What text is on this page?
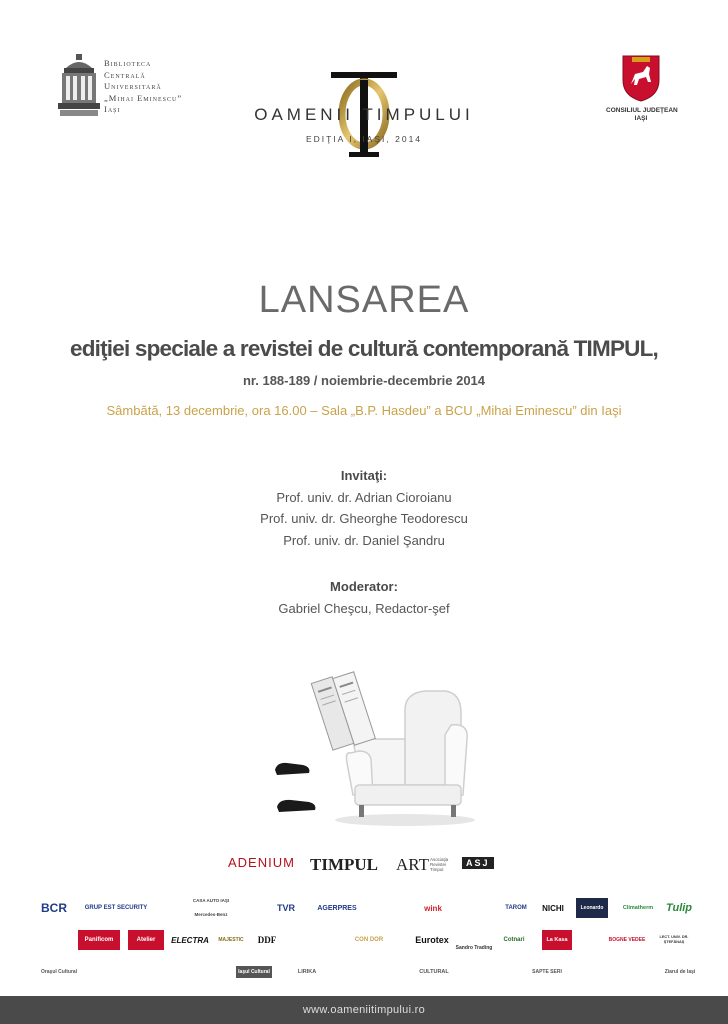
Biblioteca
Centrală
Universitară
„Mihai Eminescu”
Iași	CONSILIUL JUDEŢEAN
IAŞI
OAMENII TIMPULUI
EDIŢIA I, IAŞI, 2014
LANSAREA
ediţiei speciale a revistei de cultură contemporană TIMPUL,
nr. 188-189 / noiembrie-decembrie 2014
Sâmbătă, 13 decembrie, ora 16.00 – Sala „B.P. Hasdeu” a BCU „Mihai Eminescu” din Iaşi
Invitaţi:
Prof. univ. dr. Adrian Cioroianu
Prof. univ. dr. Gheorghe Teodorescu
Prof. univ. dr. Daniel Şandru
Moderator:
Gabriel Cheşcu, Redactor-şef
ADENIUM TIMPUL ART Asociaţia Revistei Timpul
ASJ
BCR	GRUP EST SECURITY
CASA AUTO IAŞI
Mercedes-Benz
TVR	AGERPRES	wink	TAROM	NICHI	Leonardo	Climatherm	Tulip
Panificom	Atelier	ELECTRA	MAJESTIC	DDF	CON DOR	Eurotex
Sandro Trading
Cotnari	La Kasa	BOGNE VEDEE	LECT. UNIV. DR. ŞTEFĂNAŞ
Oraşul Cultural	Iaşul Cultural	LIRIKA	CULTURAL	SAPTE SERI	Ziarul de Iaşi
www.oameniitimpului.ro
